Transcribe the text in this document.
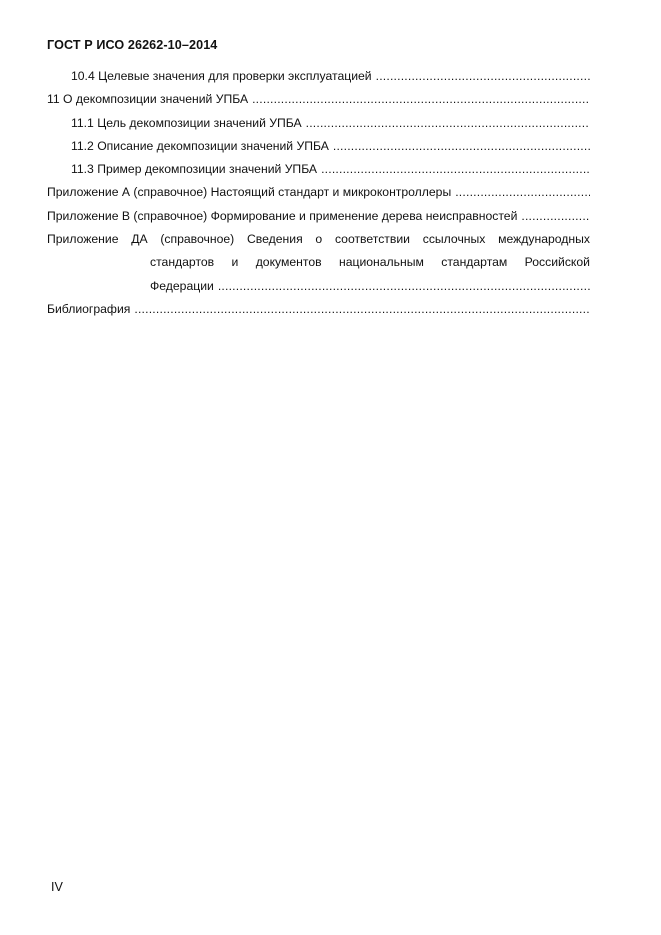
ГОСТ Р ИСО 26262-10–2014
10.4 Целевые значения для проверки эксплуатацией
.....
11 О декомпозиции значений УПБА
.....
11.1 Цель декомпозиции значений УПБА
.....
11.2 Описание декомпозиции значений УПБА
.....
11.3 Пример декомпозиции значений УПБА
.....
Приложение А (справочное) Настоящий стандарт и микроконтроллеры
.....
Приложение В (справочное) Формирование и применение дерева неисправностей
.....
Приложение ДА (справочное) Сведения о соответствии ссылочных международных
стандартов и документов национальным стандартам Российской
Федерации
.....
Библиография
.....
IV
